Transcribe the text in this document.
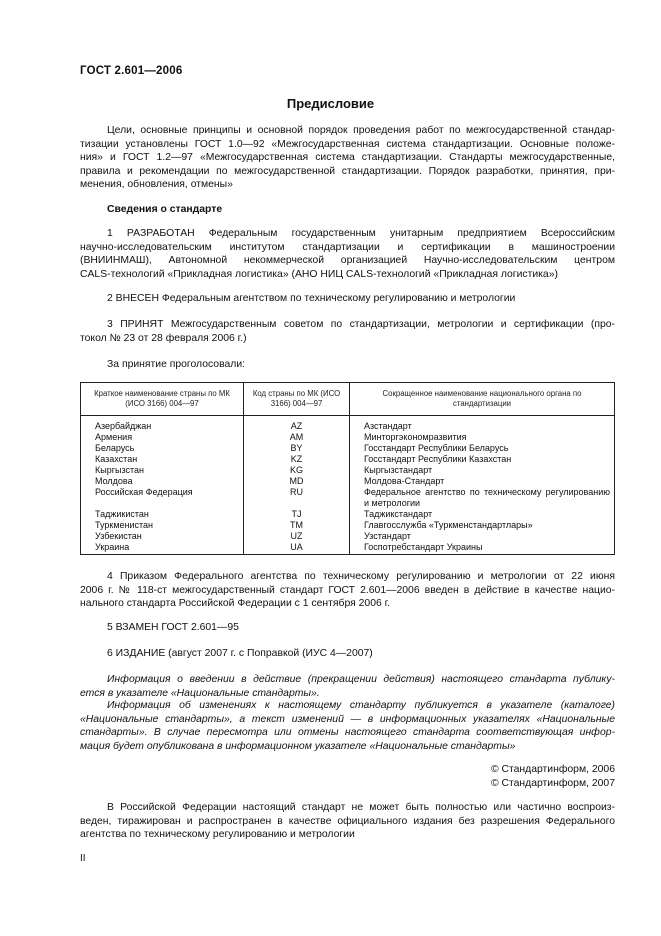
ГОСТ 2.601—2006
Предисловие
Цели, основные принципы и основной порядок проведения работ по межгосударственной стандар-
тизации установлены ГОСТ 1.0—92 «Межгосударственная система стандартизации. Основные положе-
ния» и ГОСТ 1.2—97 «Межгосударственная система стандартизации. Стандарты межгосударственные,
правила и рекомендации по межгосударственной стандартизации. Порядок разработки, принятия, при-
менения, обновления, отмены»
Сведения о стандарте
1 РАЗРАБОТАН Федеральным государственным унитарным предприятием Всероссийским
научно-исследовательским институтом стандартизации и сертификации в машиностроении
(ВНИИНМАШ), Автономной некоммерческой организацией Научно-исследовательским центром
CALS-технологий «Прикладная логистика» (АНО НИЦ CALS-технологий «Прикладная логистика»)
2 ВНЕСЕН Федеральным агентством по техническому регулированию и метрологии
3 ПРИНЯТ Межгосударственным советом по стандартизации, метрологии и сертификации (про-
токол № 23 от 28 февраля 2006 г.)
За принятие проголосовали:
Краткое наименование страны по МК (ИСО 3166) 004—97	Код страны по МК (ИСО 3166) 004—97	Сокращенное наименование национального органа по стандартизации
Азербайджан	AZ	Азстандарт
Армения	AM	Минторгэкономразвития
Беларусь	BY	Госстандарт Республики Беларусь
Казахстан	KZ	Госстандарт Республики Казахстан
Кыргызстан	KG	Кыргызстандарт
Молдова	MD	Молдова-Стандарт
Российская Федерация	RU	Федеральное агентство по техническому регулированию и метрологии
Таджикистан	TJ	Таджикстандарт
Туркменистан	TM	Главгосслужба «Туркменстандартлары»
Узбекистан	UZ	Узстандарт
Украина	UA	Госпотребстандарт Украины
4 Приказом Федерального агентства по техническому регулированию и метрологии от 22 июня
2006 г. № 118-ст межгосударственный стандарт ГОСТ 2.601—2006 введен в действие в качестве нацио-
нального стандарта Российской Федерации с 1 сентября 2006 г.
5 ВЗАМЕН ГОСТ 2.601—95
6 ИЗДАНИЕ (август 2007 г. с Поправкой (ИУС 4—2007)
Информация о введении в действие (прекращении действия) настоящего стандарта публику-
ется в указателе «Национальные стандарты».
Информация об изменениях к настоящему стандарту публикуется в указателе (каталоге)
«Национальные стандарты», а текст изменений — в информационных указателях «Национальные
стандарты». В случае пересмотра или отмены настоящего стандарта соответствующая инфор-
мация будет опубликована в информационном указателе «Национальные стандарты»
© Стандартинформ, 2006
© Стандартинформ, 2007
В Российской Федерации настоящий стандарт не может быть полностью или частично воспроиз-
веден, тиражирован и распространен в качестве официального издания без разрешения Федерального
агентства по техническому регулированию и метрологии
II
